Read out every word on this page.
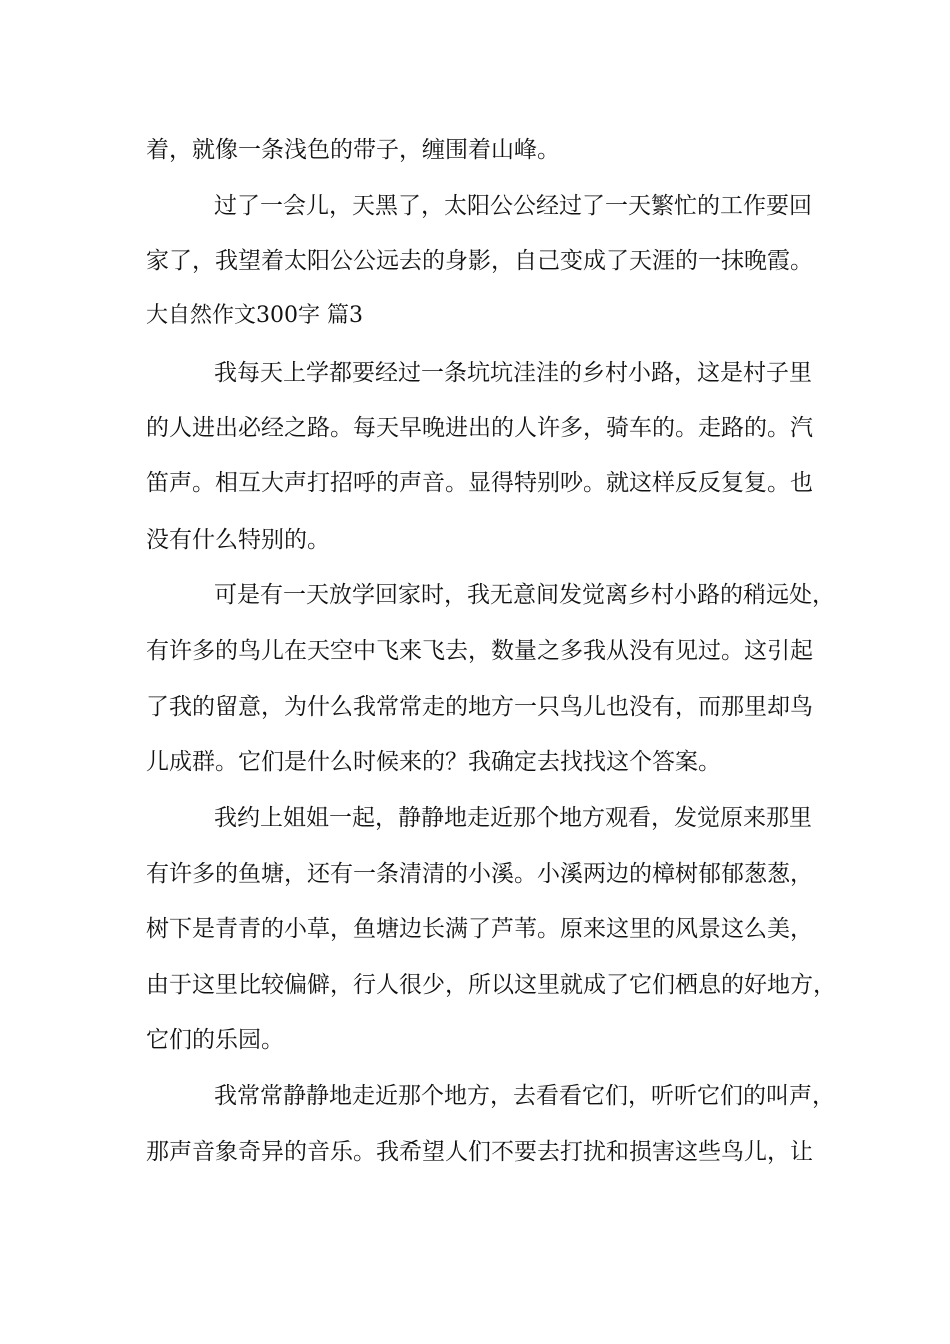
着，就像一条浅色的带子，缠围着山峰。
过了一会儿，天黑了，太阳公公经过了一天繁忙的工作要回
家了，我望着太阳公公远去的身影，自己变成了天涯的一抹晚霞。
大自然作文300字 篇3
我每天上学都要经过一条坑坑洼洼的乡村小路，这是村子里
的人进出必经之路。每天早晚进出的人许多，骑车的。走路的。汽
笛声。相互大声打招呼的声音。显得特别吵。就这样反反复复。也
没有什么特别的。
可是有一天放学回家时，我无意间发觉离乡村小路的稍远处，
有许多的鸟儿在天空中飞来飞去，数量之多我从没有见过。这引起
了我的留意，为什么我常常走的地方一只鸟儿也没有，而那里却鸟
儿成群。它们是什么时候来的？我确定去找找这个答案。
我约上姐姐一起，静静地走近那个地方观看，发觉原来那里
有许多的鱼塘，还有一条清清的小溪。小溪两边的樟树郁郁葱葱，
树下是青青的小草，鱼塘边长满了芦苇。原来这里的风景这么美，
由于这里比较偏僻，行人很少，所以这里就成了它们栖息的好地方，
它们的乐园。
我常常静静地走近那个地方，去看看它们，听听它们的叫声，
那声音象奇异的音乐。我希望人们不要去打扰和损害这些鸟儿，让
